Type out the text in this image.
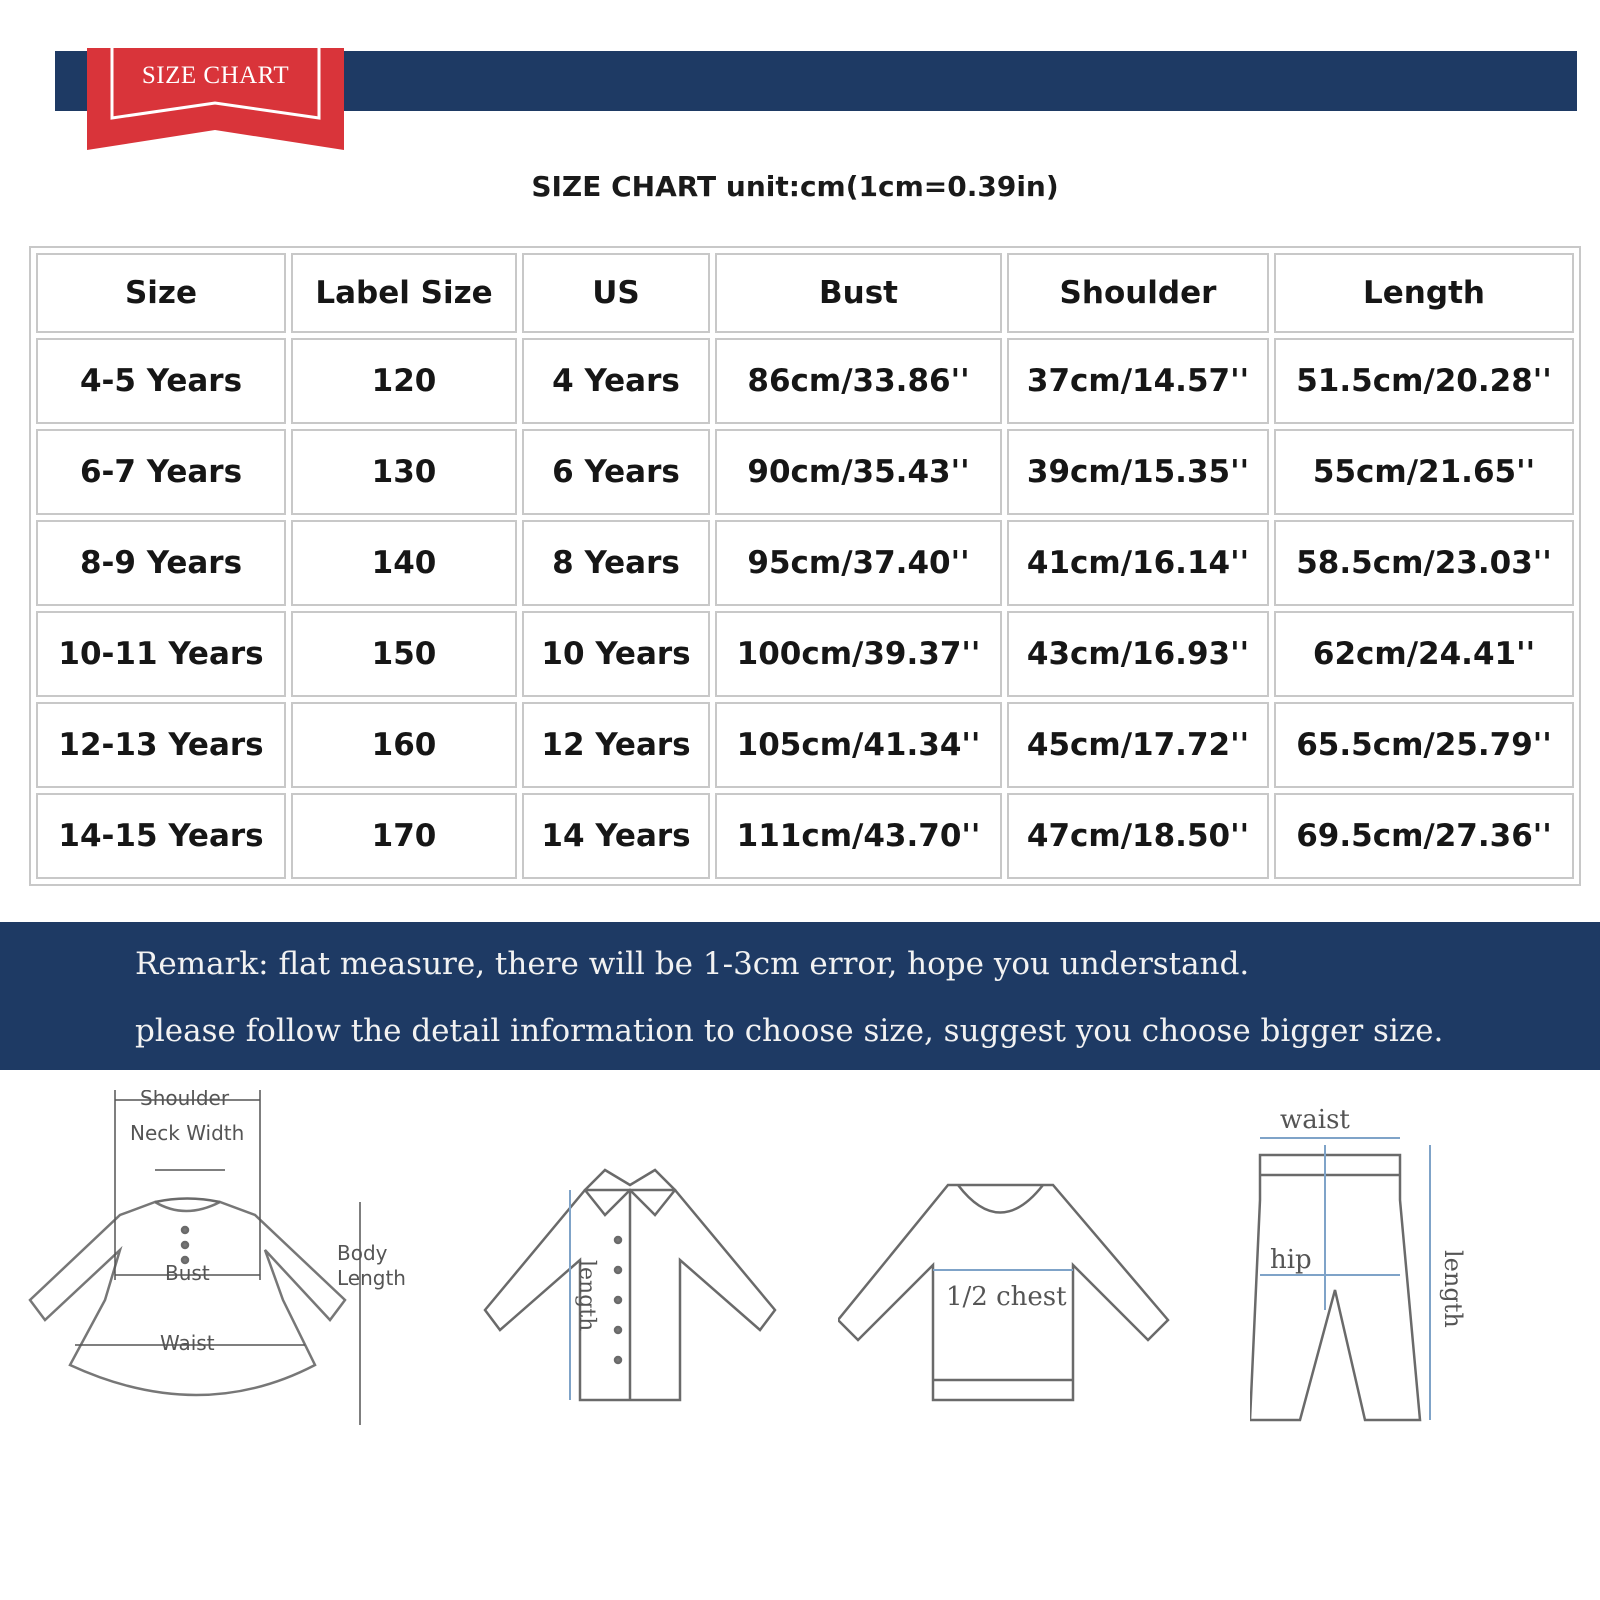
SIZE CHART
SIZE CHART unit:cm(1cm=0.39in)
Size	Label Size	US	Bust	Shoulder	Length
4-5 Years	120	4 Years	86cm/33.86''	37cm/14.57''	51.5cm/20.28''
6-7 Years	130	6 Years	90cm/35.43''	39cm/15.35''	55cm/21.65''
8-9 Years	140	8 Years	95cm/37.40''	41cm/16.14''	58.5cm/23.03''
10-11 Years	150	10 Years	100cm/39.37''	43cm/16.93''	62cm/24.41''
12-13 Years	160	12 Years	105cm/41.34''	45cm/17.72''	65.5cm/25.79''
14-15 Years	170	14 Years	111cm/43.70''	47cm/18.50''	69.5cm/27.36''
Remark: flat measure, there will be 1-3cm error, hope you understand.
please follow the detail information to choose size, suggest you choose bigger size.
Shoulder
Neck Width
Bust
Waist
Body
Length	length	1/2 chest
waist
hip	length
